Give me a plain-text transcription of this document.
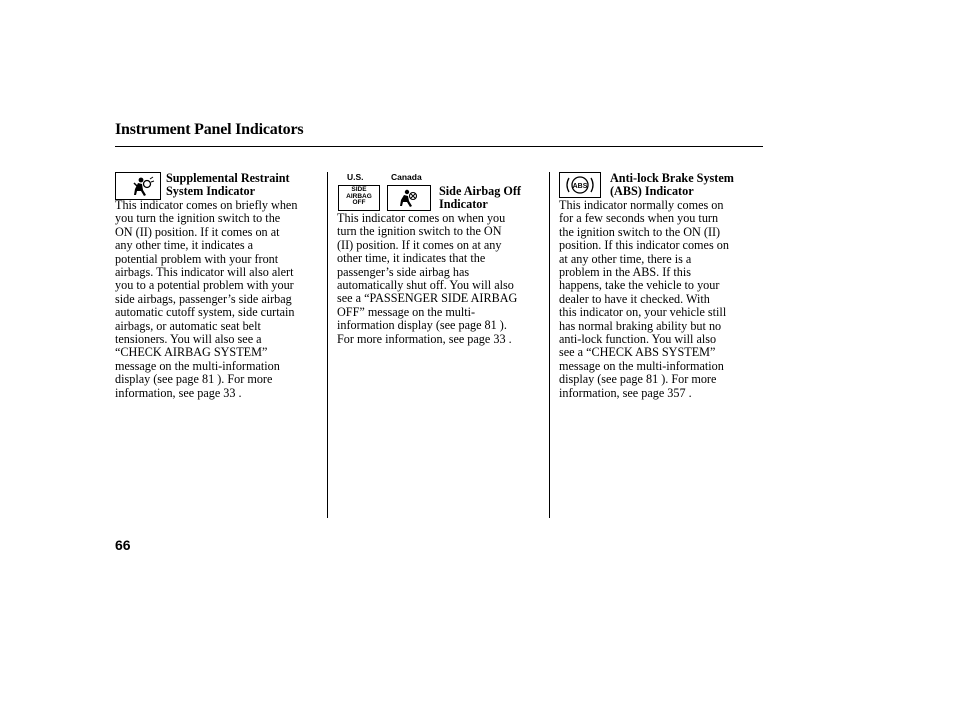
Instrument Panel Indicators
Supplemental Restraint
System Indicator
This indicator comes on briefly when
you turn the ignition switch to the
ON (II) position. If it comes on at
any other time, it indicates a
potential problem with your front
airbags. This indicator will also alert
you to a potential problem with your
side airbags, passenger’s side airbag
automatic cutoff system, side curtain
airbags, or automatic seat belt
tensioners. You will also see a
“CHECK AIRBAG SYSTEM”
message on the multi-information
display (see page 81 ). For more
information, see page 33 .
U.S.	Canada
SIDE
AIRBAG
OFF
Side Airbag Off
Indicator
This indicator comes on when you
turn the ignition switch to the ON
(II) position. If it comes on at any
other time, it indicates that the
passenger’s side airbag has
automatically shut off. You will also
see a “PASSENGER SIDE AIRBAG
OFF” message on the multi-
information display (see page 81 ).
For more information, see page 33 .
ABS
Anti-lock Brake System
(ABS) Indicator
This indicator normally comes on
for a few seconds when you turn
the ignition switch to the ON (II)
position. If this indicator comes on
at any other time, there is a
problem in the ABS. If this
happens, take the vehicle to your
dealer to have it checked. With
this indicator on, your vehicle still
has normal braking ability but no
anti-lock function. You will also
see a “CHECK ABS SYSTEM”
message on the multi-information
display (see page 81 ). For more
information, see page 357 .
66
